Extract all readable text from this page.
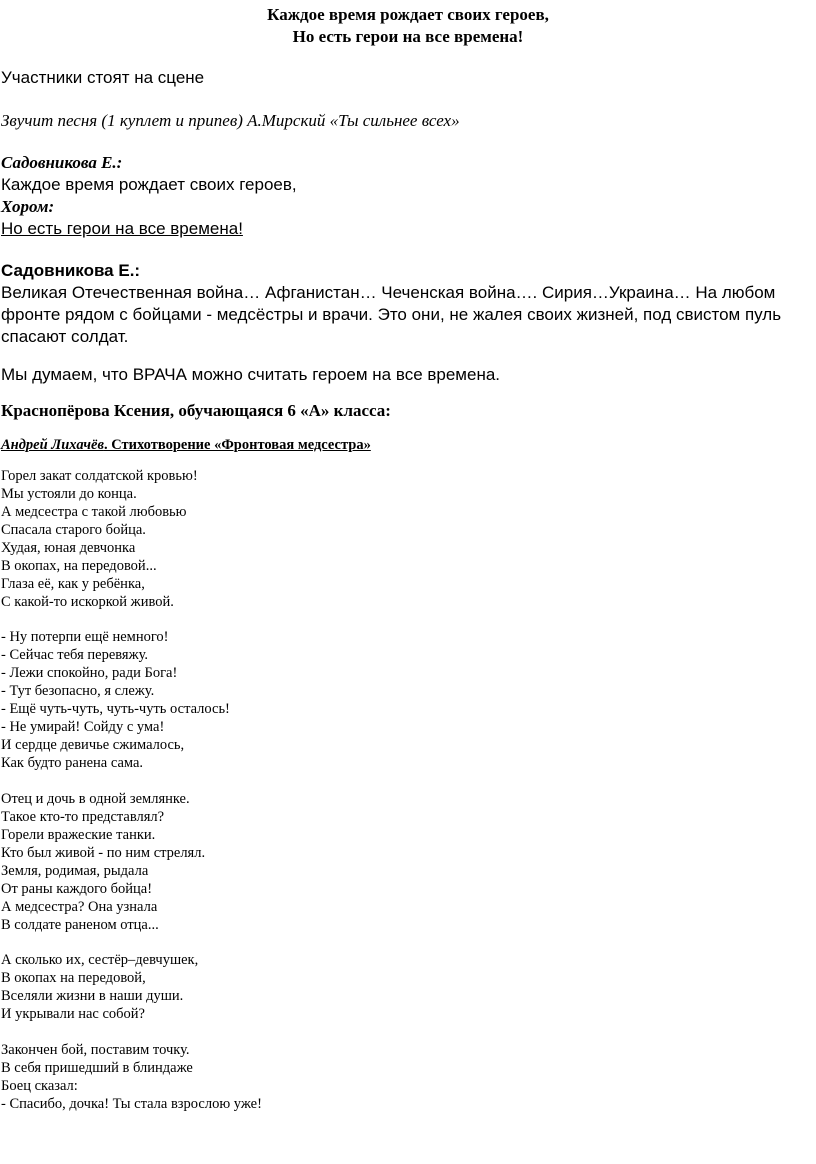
Каждое время рождает своих героев,
Но есть герои на все времена!
Участники стоят на сцене
Звучит песня (1 куплет и припев) А.Мирский «Ты сильнее всех»
Садовникова Е.:
Каждое время рождает своих героев,
Хором:
Но есть герои на все времена!
Садовникова Е.:
Великая Отечественная война… Афганистан… Чеченская война…. Сирия…Украина… На любом фронте рядом с бойцами - медсёстры и врачи. Это они, не жалея своих жизней, под свистом пуль спасают солдат.
Мы думаем, что ВРАЧА можно считать героем на все времена.
Краснопёрова Ксения, обучающаяся 6 «А» класса:
Андрей Лихачёв. Стихотворение «Фронтовая медсестра»
Горел закат солдатской кровью!
Мы устояли до конца.
А медсестра с такой любовью
Спасала старого бойца.
Худая, юная девчонка
В окопах, на передовой...
Глаза её, как у ребёнка,
С какой-то искоркой живой.
- Ну потерпи ещё немного!
- Сейчас тебя перевяжу.
- Лежи спокойно, ради Бога!
- Тут безопасно, я слежу.
- Ещё чуть-чуть, чуть-чуть осталось!
- Не умирай! Сойду с ума!
И сердце девичье сжималось,
Как будто ранена сама.
Отец и дочь в одной землянке.
Такое кто-то представлял?
Горели вражеские танки.
Кто был живой - по ним стрелял.
Земля, родимая, рыдала
От раны каждого бойца!
А медсестра? Она узнала
В солдате раненом отца...
А сколько их, сестёр–девчушек,
В окопах на передовой,
Вселяли жизни в наши души.
И укрывали нас собой?
Закончен бой, поставим точку.
В себя пришедший в блиндаже
Боец сказал:
- Спасибо, дочка! Ты стала взрослою уже!
